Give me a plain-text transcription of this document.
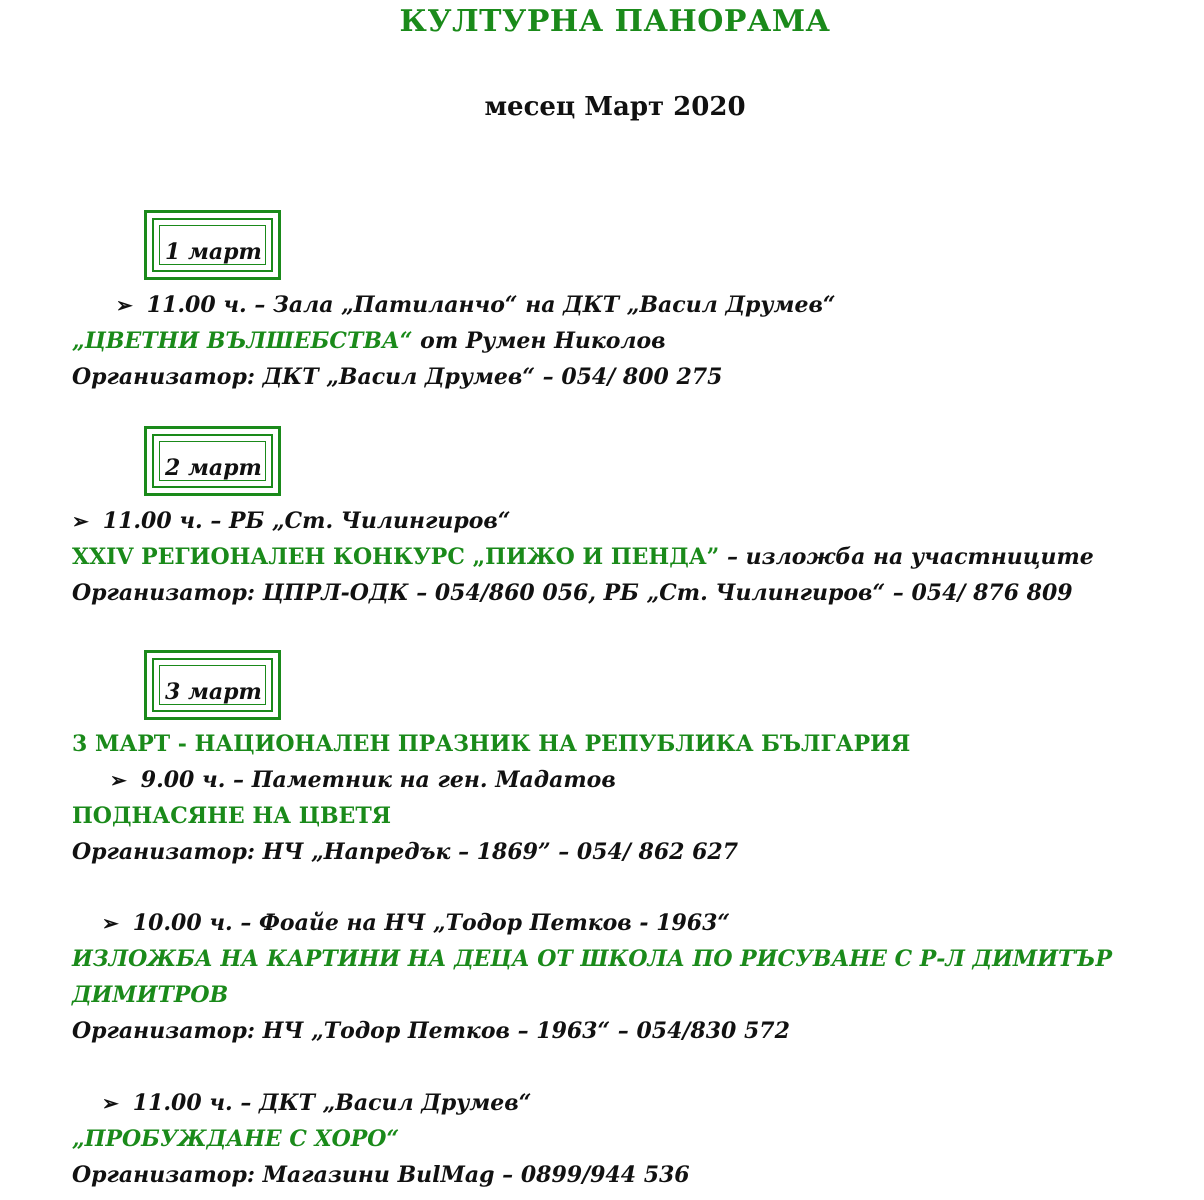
КУЛТУРНА ПАНОРАМА
месец Март 2020
1 март
➢ 11.00 ч. – Зала „Патиланчо“ на ДКТ „Васил Друмев“
„ЦВЕТНИ ВЪЛШЕБСТВА“ от Румен Николов
Организатор: ДКТ „Васил Друмев“ – 054/ 800 275
2 март
➢ 11.00 ч. – РБ „Ст. Чилингиров“
XXIV РЕГИОНАЛЕН КОНКУРС „ПИЖО И ПЕНДА” – изложба на участниците
Организатор: ЦПРЛ-ОДК – 054/860 056, РБ „Ст. Чилингиров“ – 054/ 876 809
3 март
3 МАРТ - НАЦИОНАЛЕН ПРАЗНИК НА РЕПУБЛИКА БЪЛГАРИЯ
➢ 9.00 ч. – Паметник на ген. Мадатов
ПОДНАСЯНЕ НА ЦВЕТЯ
Организатор: НЧ „Напредък – 1869” – 054/ 862 627
➢ 10.00 ч. – Фоайе на НЧ „Тодор Петков - 1963“
ИЗЛОЖБА НА КАРТИНИ НА ДЕЦА ОТ ШКОЛА ПО РИСУВАНЕ С Р-Л ДИМИТЪР
ДИМИТРОВ
Организатор: НЧ „Тодор Петков – 1963“ – 054/830 572
➢ 11.00 ч. – ДКТ „Васил Друмев“
„ПРОБУЖДАНЕ С ХОРО“
Организатор: Магазини BulMag – 0899/944 536
